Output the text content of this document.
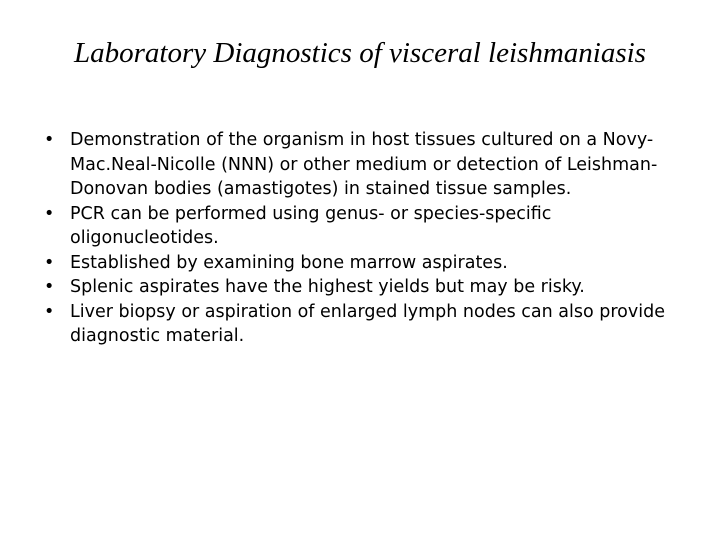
Laboratory Diagnostics of visceral leishmaniasis
• Demonstration of the organism in host tissues cultured on a Novy-Mac.Neal-Nicolle (NNN) or other medium or detection of Leishman-Donovan bodies (amastigotes) in stained tissue samples.
• PCR can be performed using genus- or species-specific oligonucleotides.
• Established by examining bone marrow aspirates.
• Splenic aspirates have the highest yields but may be risky.
• Liver biopsy or aspiration of enlarged lymph nodes can also provide diagnostic material.
